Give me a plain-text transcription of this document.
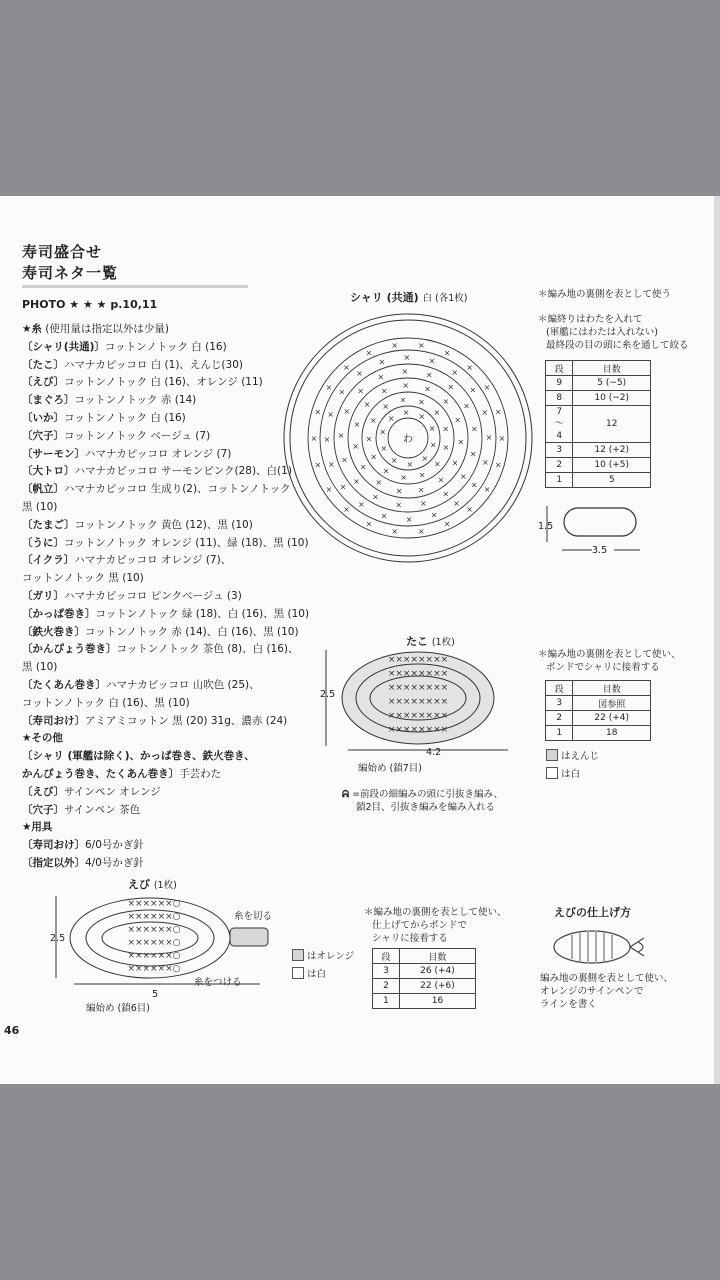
寿司盛合せ
寿司ネタ一覧
PHOTO ★ ★ ★ p.10,11
★糸 (使用量は指定以外は少量)
〔シャリ(共通)〕コットンノトック 白 (16)
〔たこ〕ハマナカピッコロ 白 (1)、えんじ(30)
〔えび〕コットンノトック 白 (16)、オレンジ (11)
〔まぐろ〕コットンノトック 赤 (14)
〔いか〕コットンノトック 白 (16)
〔穴子〕コットンノトック ベージュ (7)
〔サーモン〕ハマナカピッコロ オレンジ (7)
〔大トロ〕ハマナカピッコロ サーモンピンク(28)、白(1)
〔帆立〕ハマナカピッコロ 生成り(2)、コットンノトック
黒 (10)
〔たまご〕コットンノトック 黄色 (12)、黒 (10)
〔うに〕コットンノトック オレンジ (11)、緑 (18)、黒 (10)
〔イクラ〕ハマナカピッコロ オレンジ (7)、
コットンノトック 黒 (10)
〔ガリ〕ハマナカピッコロ ピンクベージュ (3)
〔かっぱ巻き〕コットンノトック 緑 (18)、白 (16)、黒 (10)
〔鉄火巻き〕コットンノトック 赤 (14)、白 (16)、黒 (10)
〔かんぴょう巻き〕コットンノトック 茶色 (8)、白 (16)、
黒 (10)
〔たくあん巻き〕ハマナカピッコロ 山吹色 (25)、
コットンノトック 白 (16)、黒 (10)
〔寿司おけ〕アミアミコットン 黒 (20) 31g、濃赤 (24)
★その他
〔シャリ (軍艦は除く)、かっぱ巻き、鉄火巻き、
かんぴょう巻き、たくあん巻き〕手芸わた
〔えび〕サインペン オレンジ
〔穴子〕サインペン 茶色
★用具
〔寿司おけ〕6/0号かぎ針
〔指定以外〕4/0号かぎ針
シャリ (共通) 白 (各1枚)
×
×
×
×
×
×
×
×
×
×
×
×
×
×
×
×
×	×
×
×
×
×
×
×
×
×
×
×
×
×
×
×
×
×
×
× × ×
×
×
×
×
×
×
×
×
×
×
×
×
×
×
×
× ×
×
×
×
×
×
×
×
×
×
×
×
×
×
× ×
×
×
×
×
×
×
×
×
×
×
×
× ×
×
×
×
×
×
×
×
×
×
× ×
×
×
×
わ
＊編み地の裏側を表として使う
＊編終りはわたを入れて
(軍艦にはわたは入れない)
最終段の目の頭に糸を通して絞る
段	目数
9	5 (−5)
8	10 (−2)
7
〜
4	12
3	12 (+2)
2	10 (+5)
1	5
1.5
3.5
たこ (1枚)
××××××××
××××××××
××××××××
××××××××
××××××××
××××××××
2.5
4.2
編始め (鎖7目)
ᕱ =前段の細編みの頭に引抜き編み、
鎖2目、引抜き編みを編み入れる
＊編み地の裏側を表として使い、
ボンドでシャリに接着する
段	目数
3	図参照
2	22 (+4)
1	18
はえんじ
は白
えび (1枚)
××××××○
××××××○
××××××○
××××××○
××××××○
××××××○
2.5
5
編始め (鎖6目)
糸を切る
糸をつける
はオレンジ
は白
＊編み地の裏側を表として使い、
仕上げてからボンドで
シャリに接着する
段	目数
3	26 (+4)
2	22 (+6)
1	16
えびの仕上げ方
編み地の裏側を表として使い、
オレンジのサインペンで
ラインを書く
46
